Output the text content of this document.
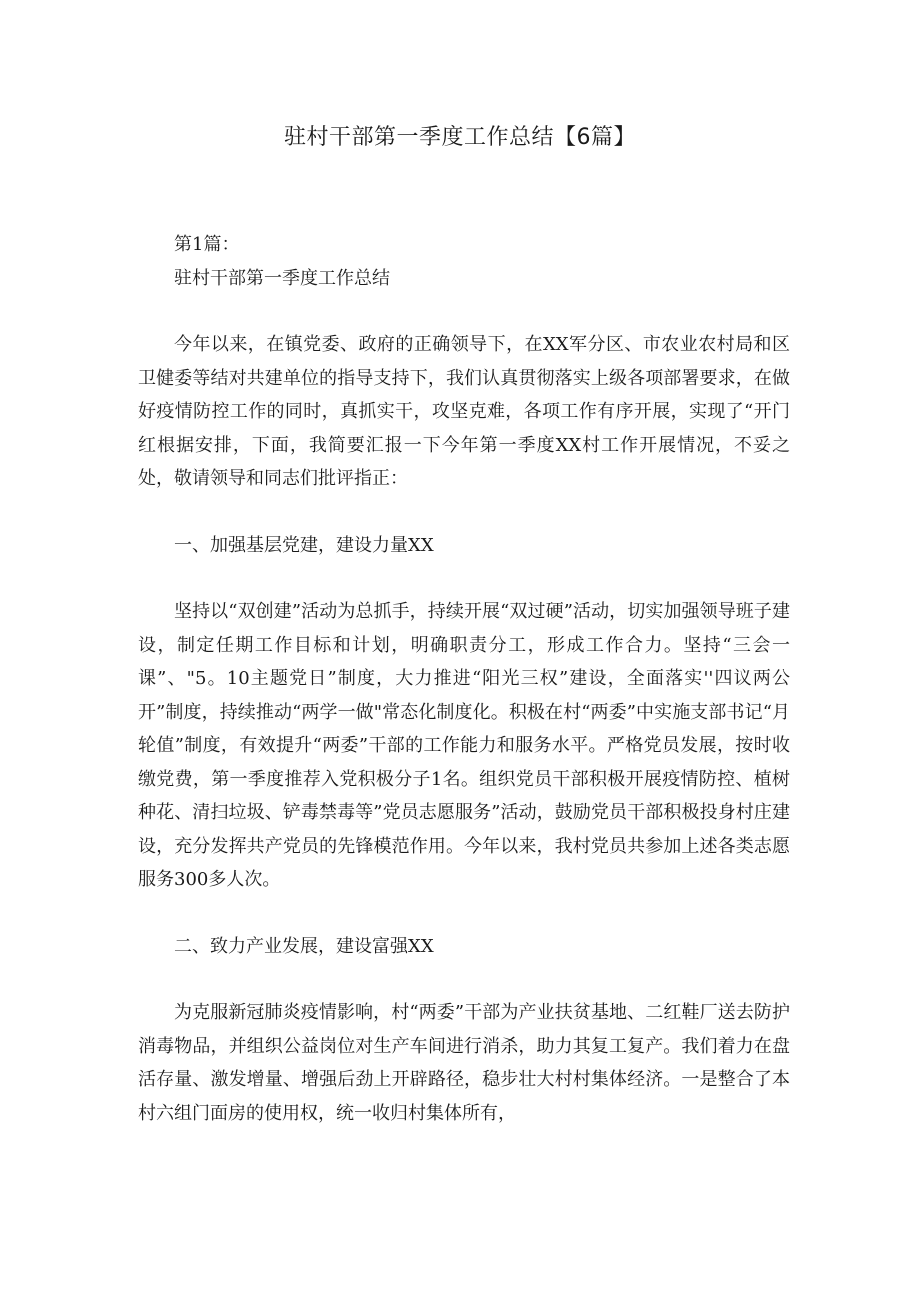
驻村干部第一季度工作总结【6篇】

第1篇：

驻村干部第一季度工作总结

今年以来，在镇党委、政府的正确领导下，在XX军分区、市农业农村局和区卫健委等结对共建单位的指导支持下，我们认真贯彻落实上级各项部署要求，在做好疫情防控工作的同时，真抓实干，攻坚克难，各项工作有序开展，实现了“开门红根据安排，下面，我简要汇报一下今年第一季度XX村工作开展情况，不妥之处，敬请领导和同志们批评指正：

一、加强基层党建，建设力量XX

坚持以“双创建”活动为总抓手，持续开展“双过硬”活动，切实加强领导班子建设，制定任期工作目标和计划，明确职责分工，形成工作合力。坚持“三会一课”、"5。10主题党日”制度，大力推进“阳光三权”建设，全面落实''四议两公开”制度，持续推动“两学一做"常态化制度化。积极在村“两委”中实施支部书记“月轮值”制度，有效提升“两委”干部的工作能力和服务水平。严格党员发展，按时收缴党费，第一季度推荐入党积极分子1名。组织党员干部积极开展疫情防控、植树种花、清扫垃圾、铲毒禁毒等”党员志愿服务”活动，鼓励党员干部积极投身村庄建设，充分发挥共产党员的先锋模范作用。今年以来，我村党员共参加上述各类志愿服务300多人次。

二、致力产业发展，建设富强XX

为克服新冠肺炎疫情影响，村“两委”干部为产业扶贫基地、二红鞋厂送去防护消毒物品，并组织公益岗位对生产车间进行消杀，助力其复工复产。我们着力在盘活存量、激发增量、增强后劲上开辟路径，稳步壮大村村集体经济。一是整合了本村六组门面房的使用权，统一收归村集体所有，
